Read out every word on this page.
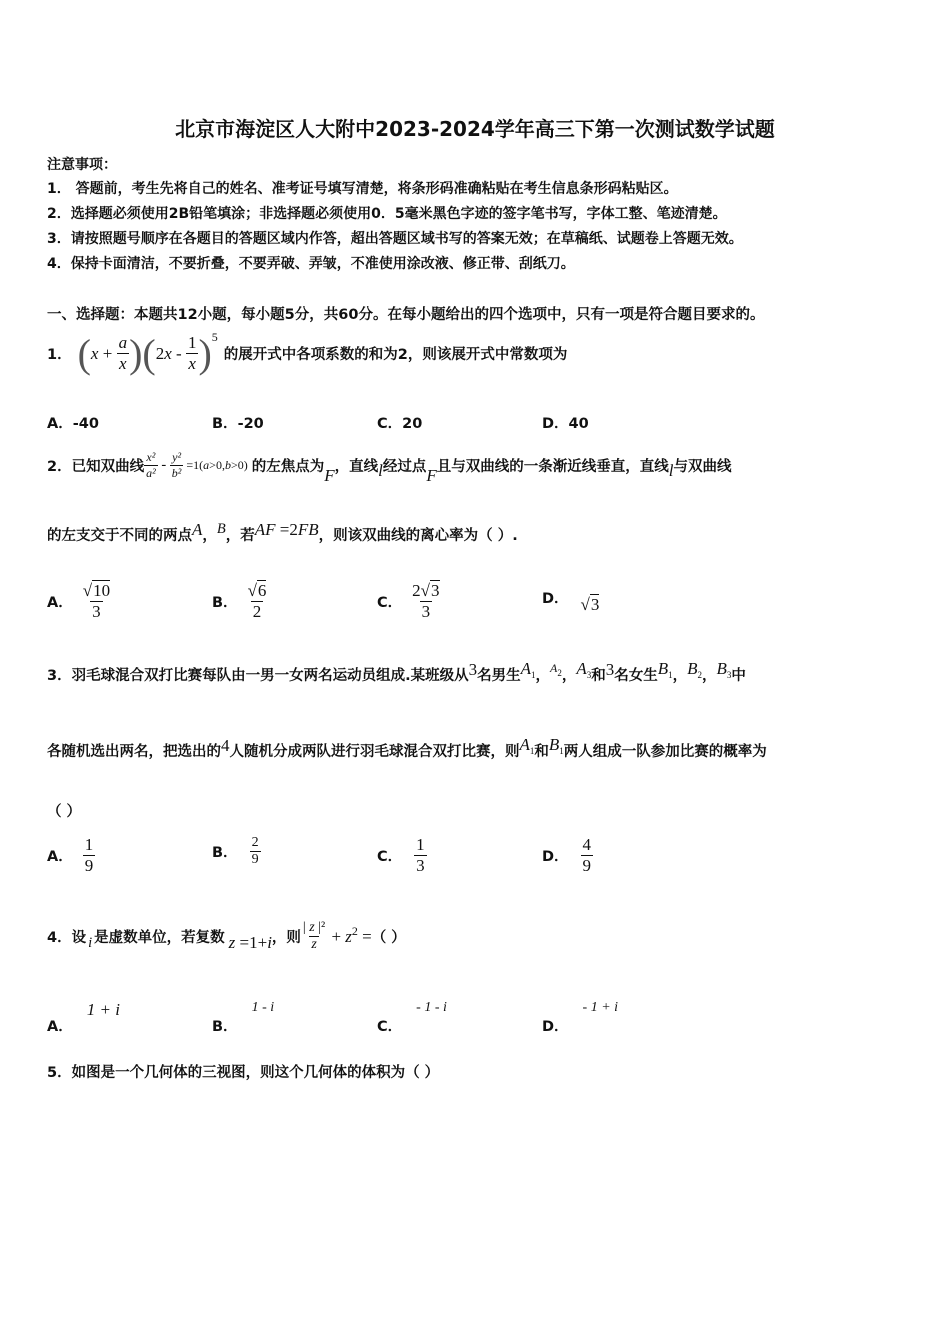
北京市海淀区人大附中2023-2024学年高三下第一次测试数学试题
注意事项：
1． 答题前，考生先将自己的姓名、准考证号填写清楚，将条形码准确粘贴在考生信息条形码粘贴区。
2．选择题必须使用2B铅笔填涂；非选择题必须使用0．5毫米黑色字迹的签字笔书写，字体工整、笔迹清楚。
3．请按照题号顺序在各题目的答题区域内作答，超出答题区域书写的答案无效；在草稿纸、试题卷上答题无效。
4．保持卡面清洁，不要折叠，不要弄破、弄皱，不准使用涂改液、修正带、刮纸刀。
一、选择题：本题共12小题，每小题5分，共60分。在每小题给出的四个选项中，只有一项是符合题目要求的。
1． ( $x + \frac{a}{x}$ ) ( 2 x - $\frac{1}{x}$ ) 5
的展开式中各项系数的和为2，则该展开式中常数项为
A．-40	B．-20	C．20	D．40
2． 已知双曲线 $\frac{\text{x²}}{\text{a²}} - \frac{\text{y²}}{\text{b²}} =1$( a >0, b >0) 的左焦点为 F ，直线 l 经过点 F 且与双曲线的一条渐近线垂直，直线 l 与双曲线
的左支交于不同的两点 A ， B ，若 AF =2 FB ，则该双曲线的离心率为（ ）.
A． $\frac{√10}{3}$	B． $\frac{√6}{2}$	C． $\frac{2√3}{3}$	D． √3
3． 羽毛球混合双打比赛每队由一男一女两名运动员组成.某班级从 3 名男生 $A_1$ ， $A_2$ ， $A_3$ 和 3 名女生 $B_1$ ， $B_2$ ， $B_3$ 中
各随机选出两名，把选出的 4 人随机分成两队进行羽毛球混合双打比赛，则 $A_1$ 和 $B_1$ 两人组成一队参加比赛的概率为
（ ）
A． $\frac{1}{9}$	B． $\frac{2}{9}$	C． $\frac{1}{3}$	D． $\frac{4}{9}$
4． 设 i 是虚数单位，若复数 z =1+i ，则 $\frac{\text{| z |²}}{z} + z$ 2 = （ ）
A．
1 + i
B．
1 - i
C．
- 1 - i
D．
- 1 + i
5．如图是一个几何体的三视图，则这个几何体的体积为（ ）
